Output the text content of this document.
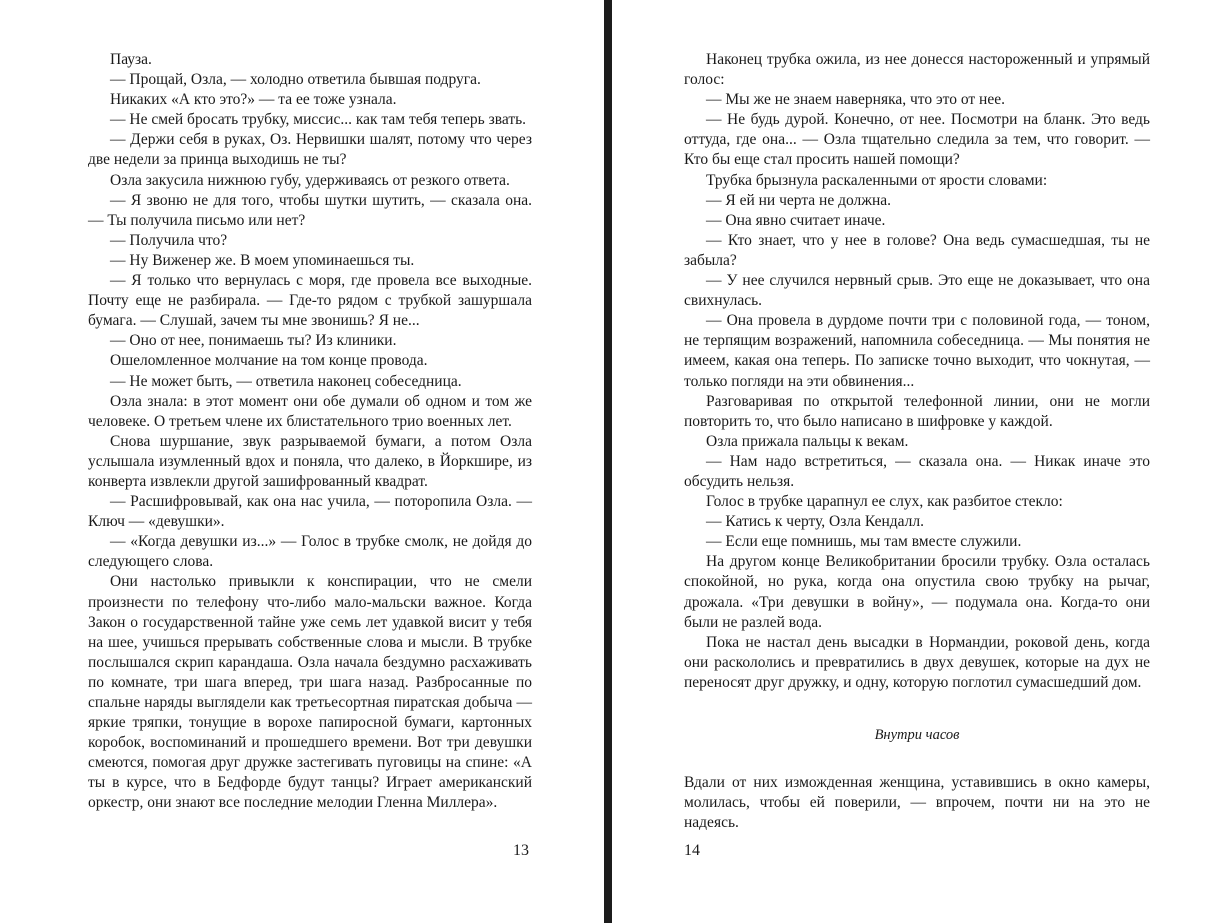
Пауза.

— Прощай, Озла, — холодно ответила бывшая подруга.

Никаких «А кто это?» — та ее тоже узнала.

— Не смей бросать трубку, миссис... как там тебя теперь звать.

— Держи себя в руках, Оз. Нервишки шалят, потому что через две недели за принца выходишь не ты?

Озла закусила нижнюю губу, удерживаясь от резкого ответа.

— Я звоню не для того, чтобы шутки шутить, — сказала она. — Ты получила письмо или нет?

— Получила что?

— Ну Виженер же. В моем упоминаешься ты.

— Я только что вернулась с моря, где провела все выходные. Почту еще не разбирала. — Где-то рядом с трубкой зашуршала бумага. — Слушай, зачем ты мне звонишь? Я не...

— Оно от нее, понимаешь ты? Из клиники.

Ошеломленное молчание на том конце провода.

— Не может быть, — ответила наконец собеседница.

Озла знала: в этот момент они обе думали об одном и том же человеке. О третьем члене их блистательного трио военных лет.

Снова шуршание, звук разрываемой бумаги, а потом Озла услышала изумленный вдох и поняла, что далеко, в Йоркшире, из конверта извлекли другой зашифрованный квадрат.

— Расшифровывай, как она нас учила, — поторопила Озла. — Ключ — «девушки».

— «Когда девушки из...» — Голос в трубке смолк, не дойдя до следующего слова.

Они настолько привыкли к конспирации, что не смели произнести по телефону что-либо мало-мальски важное. Когда Закон о государственной тайне уже семь лет удавкой висит у тебя на шее, учишься прерывать собственные слова и мысли. В трубке послышался скрип карандаша. Озла начала бездумно расхаживать по комнате, три шага вперед, три шага назад. Разбросанные по спальне наряды выглядели как третьесортная пиратская добыча — яркие тряпки, тонущие в ворохе папиросной бумаги, картонных коробок, воспоминаний и прошедшего времени. Вот три девушки смеются, помогая друг дружке застегивать пуговицы на спине: «А ты в курсе, что в Бедфорде будут танцы? Играет американский оркестр, они знают все последние мелодии Гленна Миллера».

13

Наконец трубка ожила, из нее донесся настороженный и упрямый голос:

— Мы же не знаем наверняка, что это от нее.

— Не будь дурой. Конечно, от нее. Посмотри на бланк. Это ведь оттуда, где она... — Озла тщательно следила за тем, что говорит. — Кто бы еще стал просить нашей помощи?

Трубка брызнула раскаленными от ярости словами:

— Я ей ни черта не должна.

— Она явно считает иначе.

— Кто знает, что у нее в голове? Она ведь сумасшедшая, ты не забыла?

— У нее случился нервный срыв. Это еще не доказывает, что она свихнулась.

— Она провела в дурдоме почти три с половиной года, — тоном, не терпящим возражений, напомнила собеседница. — Мы понятия не имеем, какая она теперь. По записке точно выходит, что чокнутая, — только погляди на эти обвинения...

Разговаривая по открытой телефонной линии, они не могли повторить то, что было написано в шифровке у каждой.

Озла прижала пальцы к векам.

— Нам надо встретиться, — сказала она. — Никак иначе это обсудить нельзя.

Голос в трубке царапнул ее слух, как разбитое стекло:

— Катись к черту, Озла Кендалл.

— Если еще помнишь, мы там вместе служили.

На другом конце Великобритании бросили трубку. Озла осталась спокойной, но рука, когда она опустила свою трубку на рычаг, дрожала. «Три девушки в войну», — подумала она. Когда-то они были не разлей вода.

Пока не настал день высадки в Нормандии, роковой день, когда они раскололись и превратились в двух девушек, которые на дух не переносят друг дружку, и одну, которую поглотил сумасшедший дом.

Внутри часов

Вдали от них изможденная женщина, уставившись в окно камеры, молилась, чтобы ей поверили, — впрочем, почти ни на это не надеясь.

14
